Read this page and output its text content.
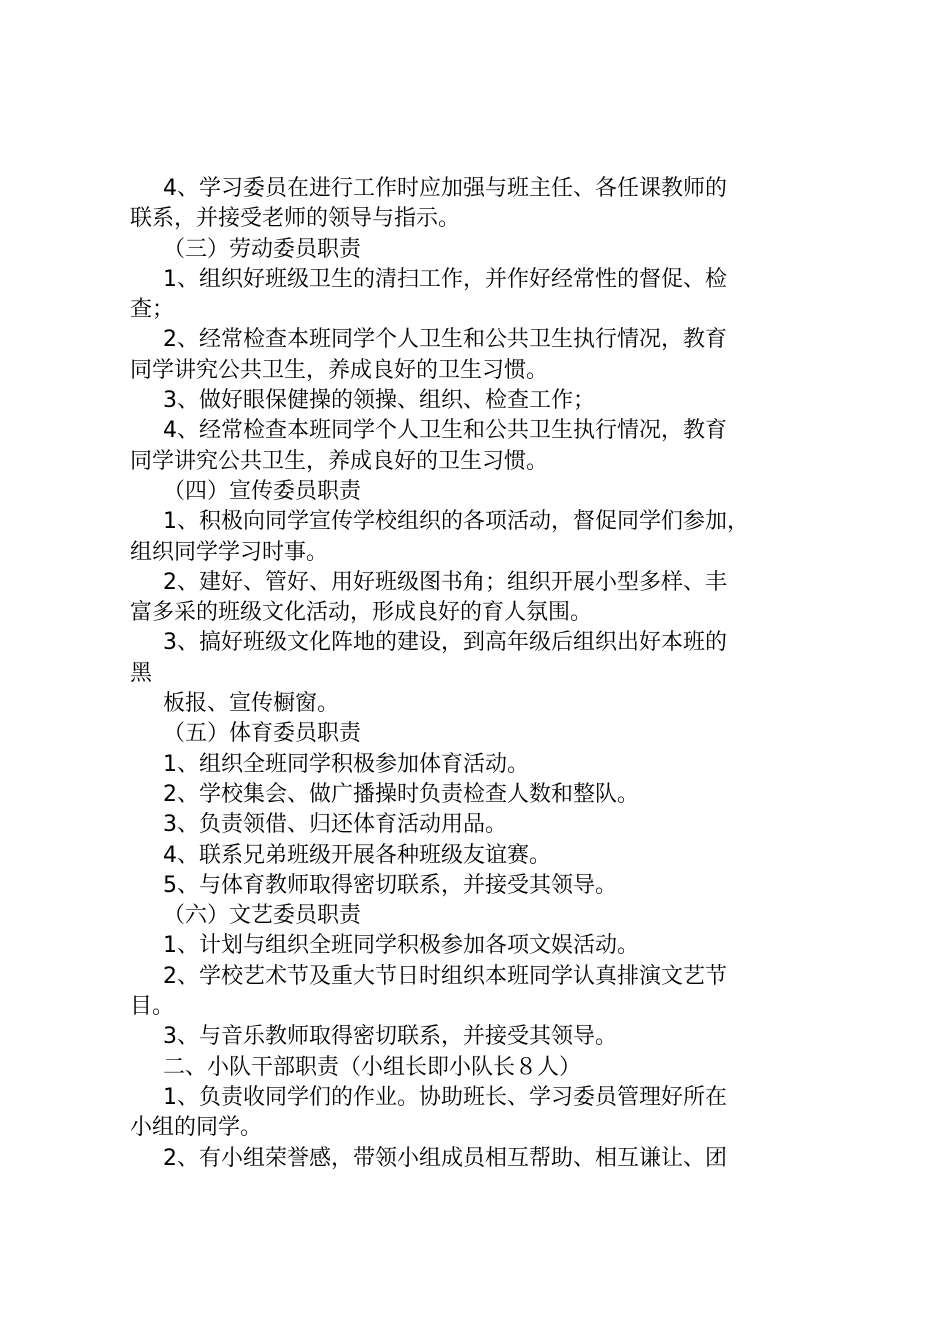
4、学习委员在进行工作时应加强与班主任、各任课教师的
联系，并接受老师的领导与指示。
（三）劳动委员职责
1、组织好班级卫生的清扫工作，并作好经常性的督促、检
查；
2、经常检查本班同学个人卫生和公共卫生执行情况，教育
同学讲究公共卫生，养成良好的卫生习惯。
3、做好眼保健操的领操、组织、检查工作；
4、经常检查本班同学个人卫生和公共卫生执行情况，教育
同学讲究公共卫生，养成良好的卫生习惯。
（四）宣传委员职责
1、积极向同学宣传学校组织的各项活动，督促同学们参加，
组织同学学习时事。
2、建好、管好、用好班级图书角；组织开展小型多样、丰
富多采的班级文化活动，形成良好的育人氛围。
3、搞好班级文化阵地的建设，到高年级后组织出好本班的
黑
板报、宣传橱窗。
（五）体育委员职责
1、组织全班同学积极参加体育活动。
2、学校集会、做广播操时负责检查人数和整队。
3、负责领借、归还体育活动用品。
4、联系兄弟班级开展各种班级友谊赛。
5、与体育教师取得密切联系，并接受其领导。
（六）文艺委员职责
1、计划与组织全班同学积极参加各项文娱活动。
2、学校艺术节及重大节日时组织本班同学认真排演文艺节
目。
3、与音乐教师取得密切联系，并接受其领导。
二、小队干部职责（小组长即小队长８人）
1、负责收同学们的作业。协助班长、学习委员管理好所在
小组的同学。
2、有小组荣誉感，带领小组成员相互帮助、相互谦让、团
